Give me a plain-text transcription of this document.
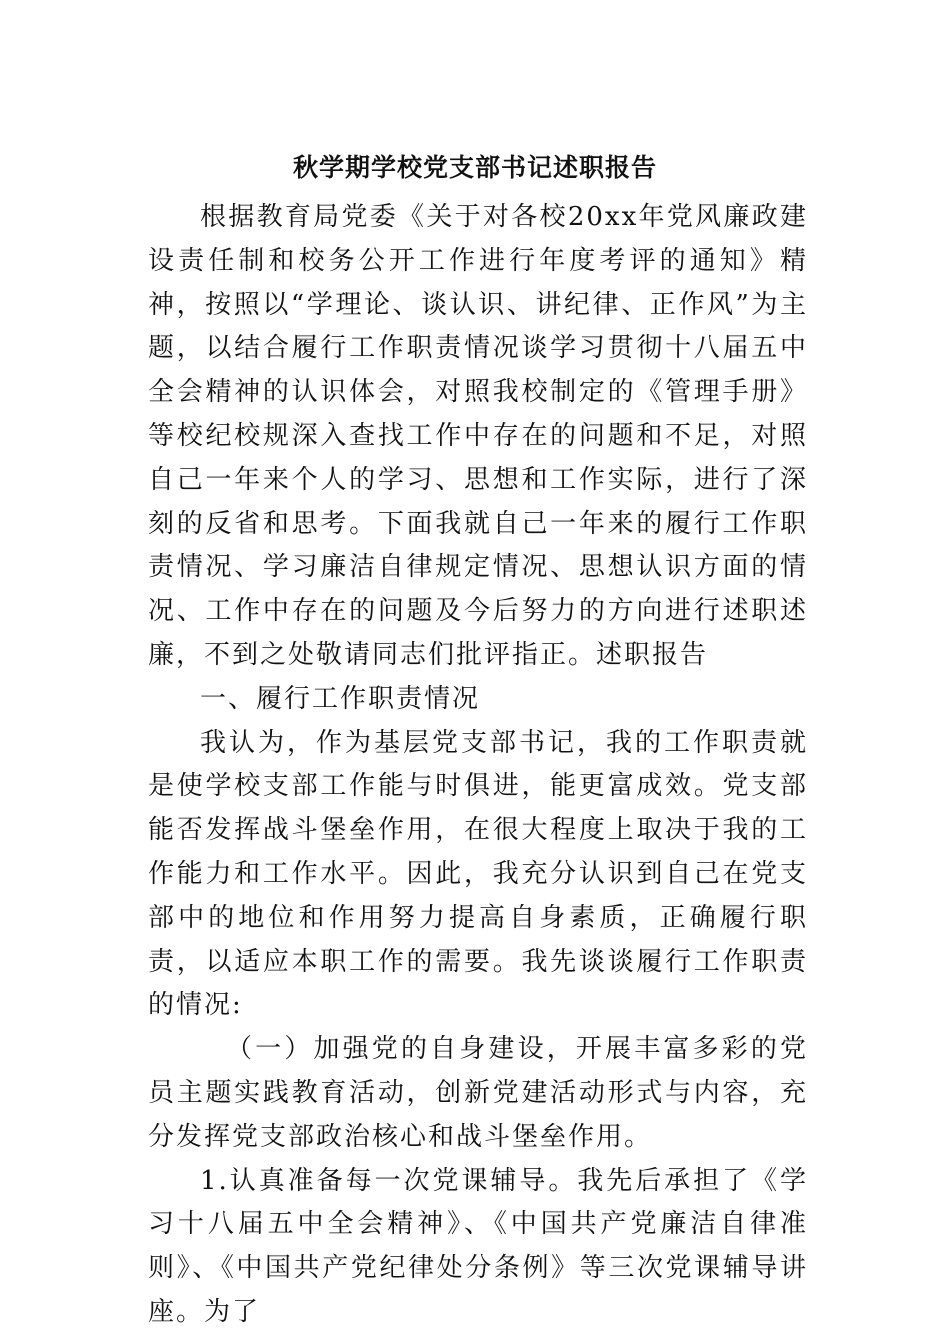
秋学期学校党支部书记述职报告

根据教育局党委《关于对各校20xx年党风廉政建设责任制和校务公开工作进行年度考评的通知》精神，按照以“学理论、谈认识、讲纪律、正作风”为主题，以结合履行工作职责情况谈学习贯彻十八届五中全会精神的认识体会，对照我校制定的《管理手册》等校纪校规深入查找工作中存在的问题和不足，对照自己一年来个人的学习、思想和工作实际，进行了深刻的反省和思考。下面我就自己一年来的履行工作职责情况、学习廉洁自律规定情况、思想认识方面的情况、工作中存在的问题及今后努力的方向进行述职述廉，不到之处敬请同志们批评指正。述职报告

一、履行工作职责情况

我认为，作为基层党支部书记，我的工作职责就是使学校支部工作能与时俱进，能更富成效。党支部能否发挥战斗堡垒作用，在很大程度上取决于我的工作能力和工作水平。因此，我充分认识到自己在党支部中的地位和作用努力提高自身素质，正确履行职责，以适应本职工作的需要。我先谈谈履行工作职责的情况:

（一）加强党的自身建设，开展丰富多彩的党员主题实践教育活动，创新党建活动形式与内容，充分发挥党支部政治核心和战斗堡垒作用。

1.认真准备每一次党课辅导。我先后承担了《学习十八届五中全会精神》、《中国共产党廉洁自律准则》、《中国共产党纪律处分条例》等三次党课辅导讲座。为了
